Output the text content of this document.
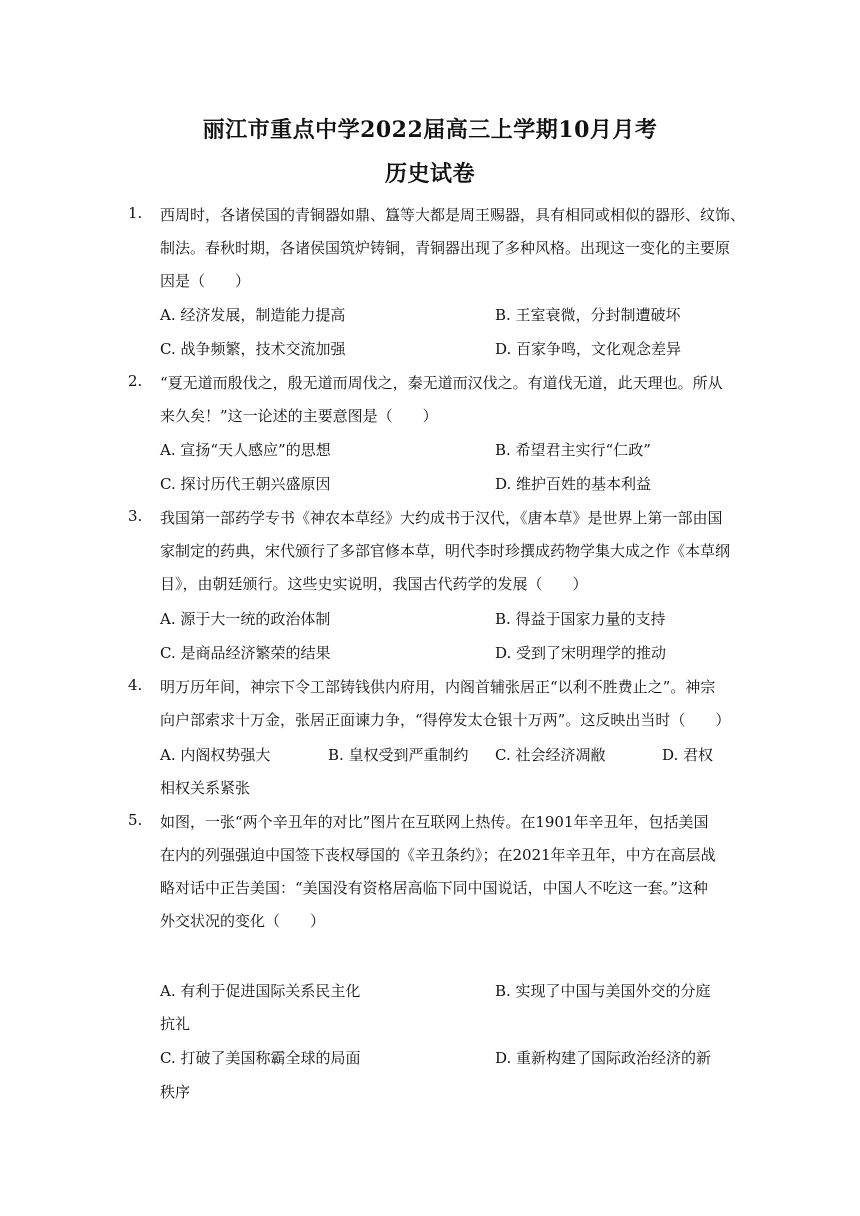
丽江市重点中学2022届高三上学期10月月考
历史试卷
1. 西周时，各诸侯国的青铜器如鼎、簋等大都是周王赐器，具有相同或相似的器形、纹饰、
制法。春秋时期，各诸侯国筑炉铸铜，青铜器出现了多种风格。出现这一变化的主要原
因是（　　）
A. 经济发展，制造能力提高	B. 王室衰微，分封制遭破坏
C. 战争频繁，技术交流加强	D. 百家争鸣，文化观念差异
2. “夏无道而殷伐之，殷无道而周伐之，秦无道而汉伐之。有道伐无道，此天理也。所从
来久矣！”这一论述的主要意图是（　　）
A. 宣扬“天人感应”的思想	B. 希望君主实行“仁政”
C. 探讨历代王朝兴盛原因	D. 维护百姓的基本利益
3. 我国第一部药学专书《神农本草经》大约成书于汉代，《唐本草》是世界上第一部由国
家制定的药典，宋代颁行了多部官修本草，明代李时珍撰成药物学集大成之作《本草纲
目》，由朝廷颁行。这些史实说明，我国古代药学的发展（　　）
A. 源于大一统的政治体制	B. 得益于国家力量的支持
C. 是商品经济繁荣的结果	D. 受到了宋明理学的推动
4. 明万历年间，神宗下令工部铸钱供内府用，内阁首辅张居正“以利不胜费止之”。神宗
向户部索求十万金，张居正面谏力争，“得停发太仓银十万两”。这反映出当时（　　）
A. 内阁权势强大	B. 皇权受到严重制约 C. 社会经济凋敝	D. 君权
相权关系紧张
5. 如图，一张“两个辛丑年的对比”图片在互联网上热传。在1901年辛丑年，包括美国
在内的列强强迫中国签下丧权辱国的《辛丑条约》；在2021年辛丑年，中方在高层战
略对话中正告美国：“美国没有资格居高临下同中国说话，中国人不吃这一套。”这种
外交状况的变化（　　）
A. 有利于促进国际关系民主化	B. 实现了中国与美国外交的分庭
抗礼
C. 打破了美国称霸全球的局面	D. 重新构建了国际政治经济的新
秩序
